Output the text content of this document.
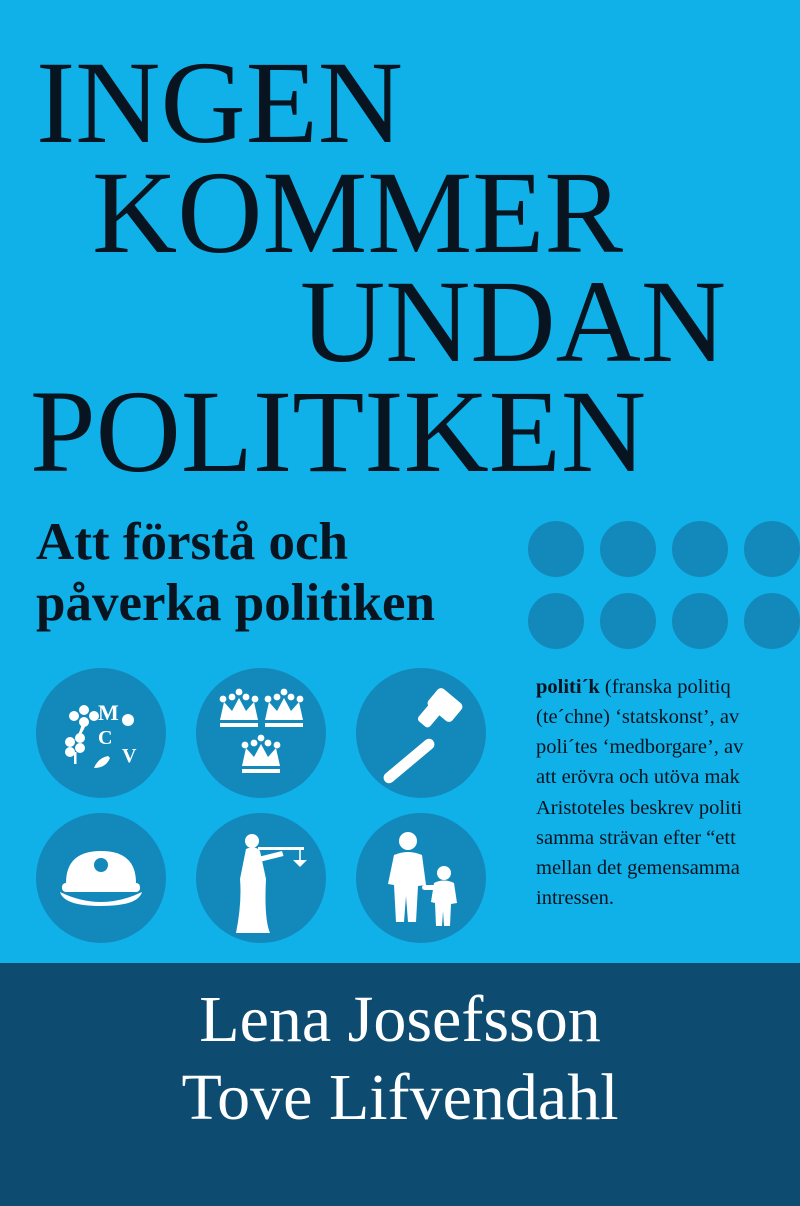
INGEN
KOMMER
UNDAN
POLITIKEN
Att förstå och
påverka politiken
M
C
V

politi´k (franska politiq

(te´chne) ‘statskonst’, av

poli´tes ‘medborgare’, av

att erövra och utöva mak

Aristoteles beskrev politi

samma strävan efter “ett

mellan det gemensamma

intressen.

Lena Josefsson
Tove Lifvendahl
